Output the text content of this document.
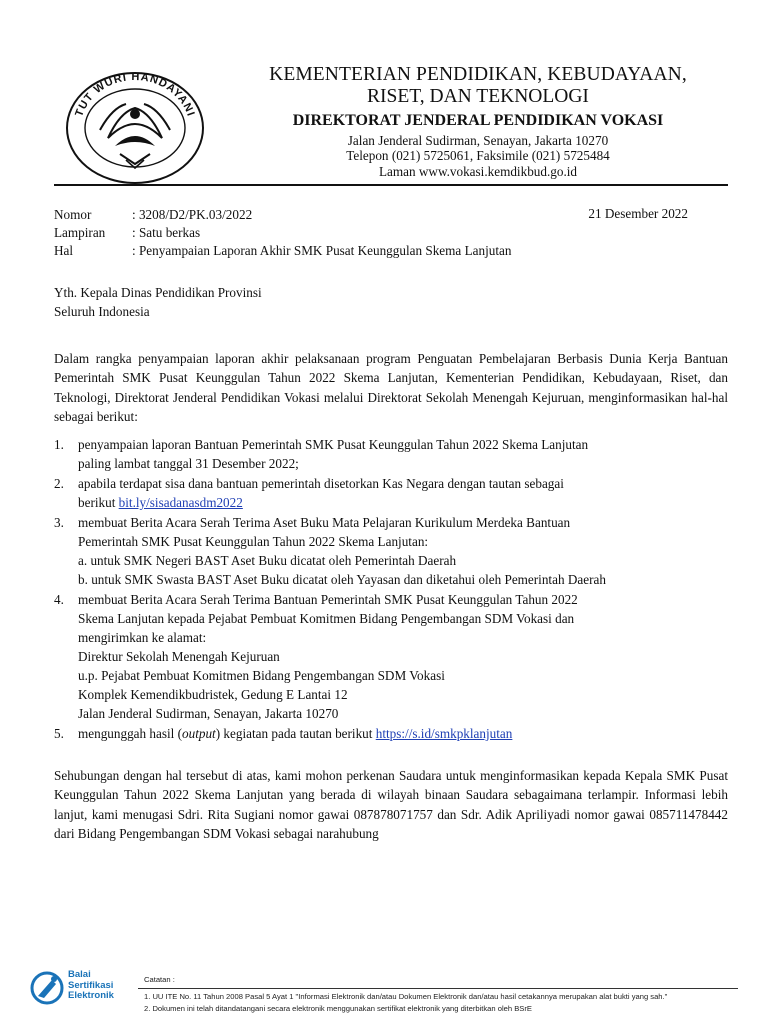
TUT WURI HANDAYANI
KEMENTERIAN PENDIDIKAN, KEBUDAYAAN,
RISET, DAN TEKNOLOGI
DIREKTORAT JENDERAL PENDIDIKAN VOKASI
Jalan Jenderal Sudirman, Senayan, Jakarta 10270
Telepon (021) 5725061, Faksimile (021) 5725484
Laman www.vokasi.kemdikbud.go.id
Nomor	: 3208/D2/PK.03/2022	21 Desember 2022
Lampiran	: Satu berkas
Hal	: Penyampaian Laporan Akhir SMK Pusat Keunggulan Skema Lanjutan
Yth. Kepala Dinas Pendidikan Provinsi
Seluruh Indonesia
Dalam rangka penyampaian laporan akhir pelaksanaan program Penguatan Pembelajaran Berbasis Dunia Kerja Bantuan Pemerintah SMK Pusat Keunggulan Tahun 2022 Skema Lanjutan, Kementerian Pendidikan, Kebudayaan, Riset, dan Teknologi, Direktorat Jenderal Pendidikan Vokasi melalui Direktorat Sekolah Menengah Kejuruan, menginformasikan hal-hal sebagai berikut:
1. penyampaian laporan Bantuan Pemerintah SMK Pusat Keunggulan Tahun 2022 Skema Lanjutan
paling lambat tanggal 31 Desember 2022;
2. apabila terdapat sisa dana bantuan pemerintah disetorkan Kas Negara dengan tautan sebagai
berikut bit.ly/sisadanasdm2022
3. membuat Berita Acara Serah Terima Aset Buku Mata Pelajaran Kurikulum Merdeka Bantuan
Pemerintah SMK Pusat Keunggulan Tahun 2022 Skema Lanjutan:
a. untuk SMK Negeri BAST Aset Buku dicatat oleh Pemerintah Daerah
b. untuk SMK Swasta BAST Aset Buku dicatat oleh Yayasan dan diketahui oleh Pemerintah Daerah
4. membuat Berita Acara Serah Terima Bantuan Pemerintah SMK Pusat Keunggulan Tahun 2022
Skema Lanjutan kepada Pejabat Pembuat Komitmen Bidang Pengembangan SDM Vokasi dan
mengirimkan ke alamat:
Direktur Sekolah Menengah Kejuruan
u.p. Pejabat Pembuat Komitmen Bidang Pengembangan SDM Vokasi
Komplek Kemendikbudristek, Gedung E Lantai 12
Jalan Jenderal Sudirman, Senayan, Jakarta 10270
5. mengunggah hasil (output) kegiatan pada tautan berikut https://s.id/smkpklanjutan
Sehubungan dengan hal tersebut di atas, kami mohon perkenan Saudara untuk menginformasikan kepada Kepala SMK Pusat Keunggulan Tahun 2022 Skema Lanjutan yang berada di wilayah binaan Saudara sebagaimana terlampir. Informasi lebih lanjut, kami menugasi Sdri. Rita Sugiani nomor gawai 087878071757 dan Sdr. Adik Apriliyadi nomor gawai 085711478442 dari Bidang Pengembangan SDM Vokasi sebagai narahubung
Balai
Sertifikasi
Elektronik
Catatan :
1. UU ITE No. 11 Tahun 2008 Pasal 5 Ayat 1 "Informasi Elektronik dan/atau Dokumen Elektronik dan/atau hasil cetakannya merupakan alat bukti yang sah."
2. Dokumen ini telah ditandatangani secara elektronik menggunakan sertifikat elektronik yang diterbitkan oleh BSrE
